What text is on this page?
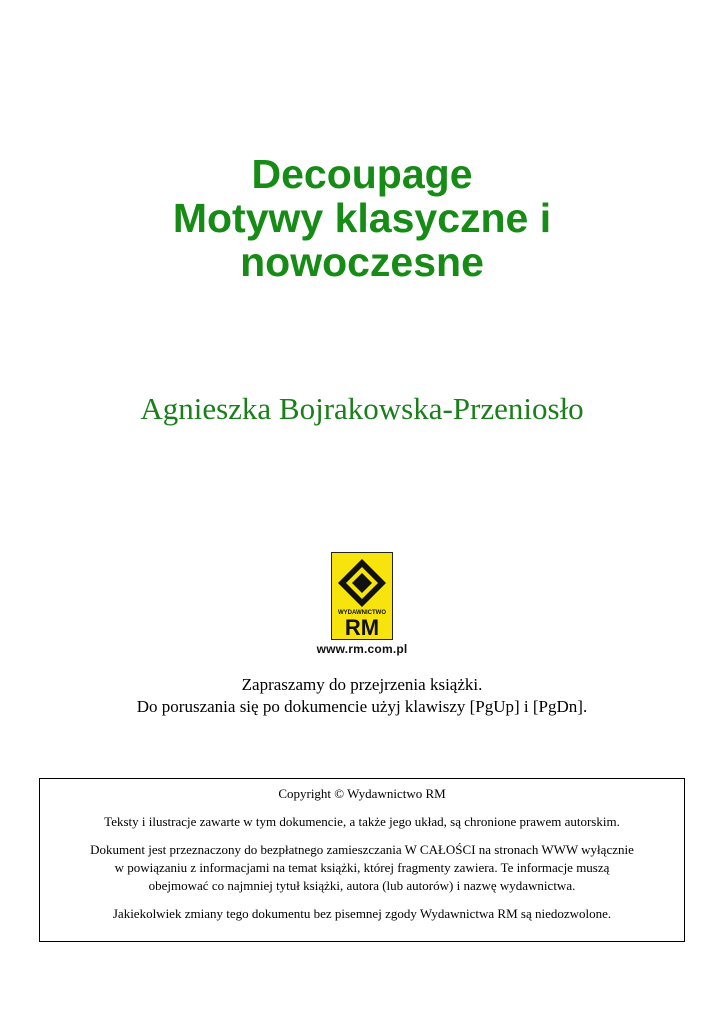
Decoupage
Motywy klasyczne i
nowoczesne
Agnieszka Bojrakowska-Przeniosło
WYDAWNICTWO
RM
www.rm.com.pl
Zapraszamy do przejrzenia książki.
Do poruszania się po dokumencie użyj klawiszy [PgUp] i [PgDn].

Copyright © Wydawnictwo RM

Teksty i ilustracje zawarte w tym dokumencie, a także jego układ, są chronione prawem autorskim.

Dokument jest przeznaczony do bezpłatnego zamieszczania W CAŁOŚCI na stronach WWW wyłącznie
w powiązaniu z informacjami na temat książki, której fragmenty zawiera. Te informacje muszą
obejmować co najmniej tytuł książki, autora (lub autorów) i nazwę wydawnictwa.

Jakiekolwiek zmiany tego dokumentu bez pisemnej zgody Wydawnictwa RM są niedozwolone.
